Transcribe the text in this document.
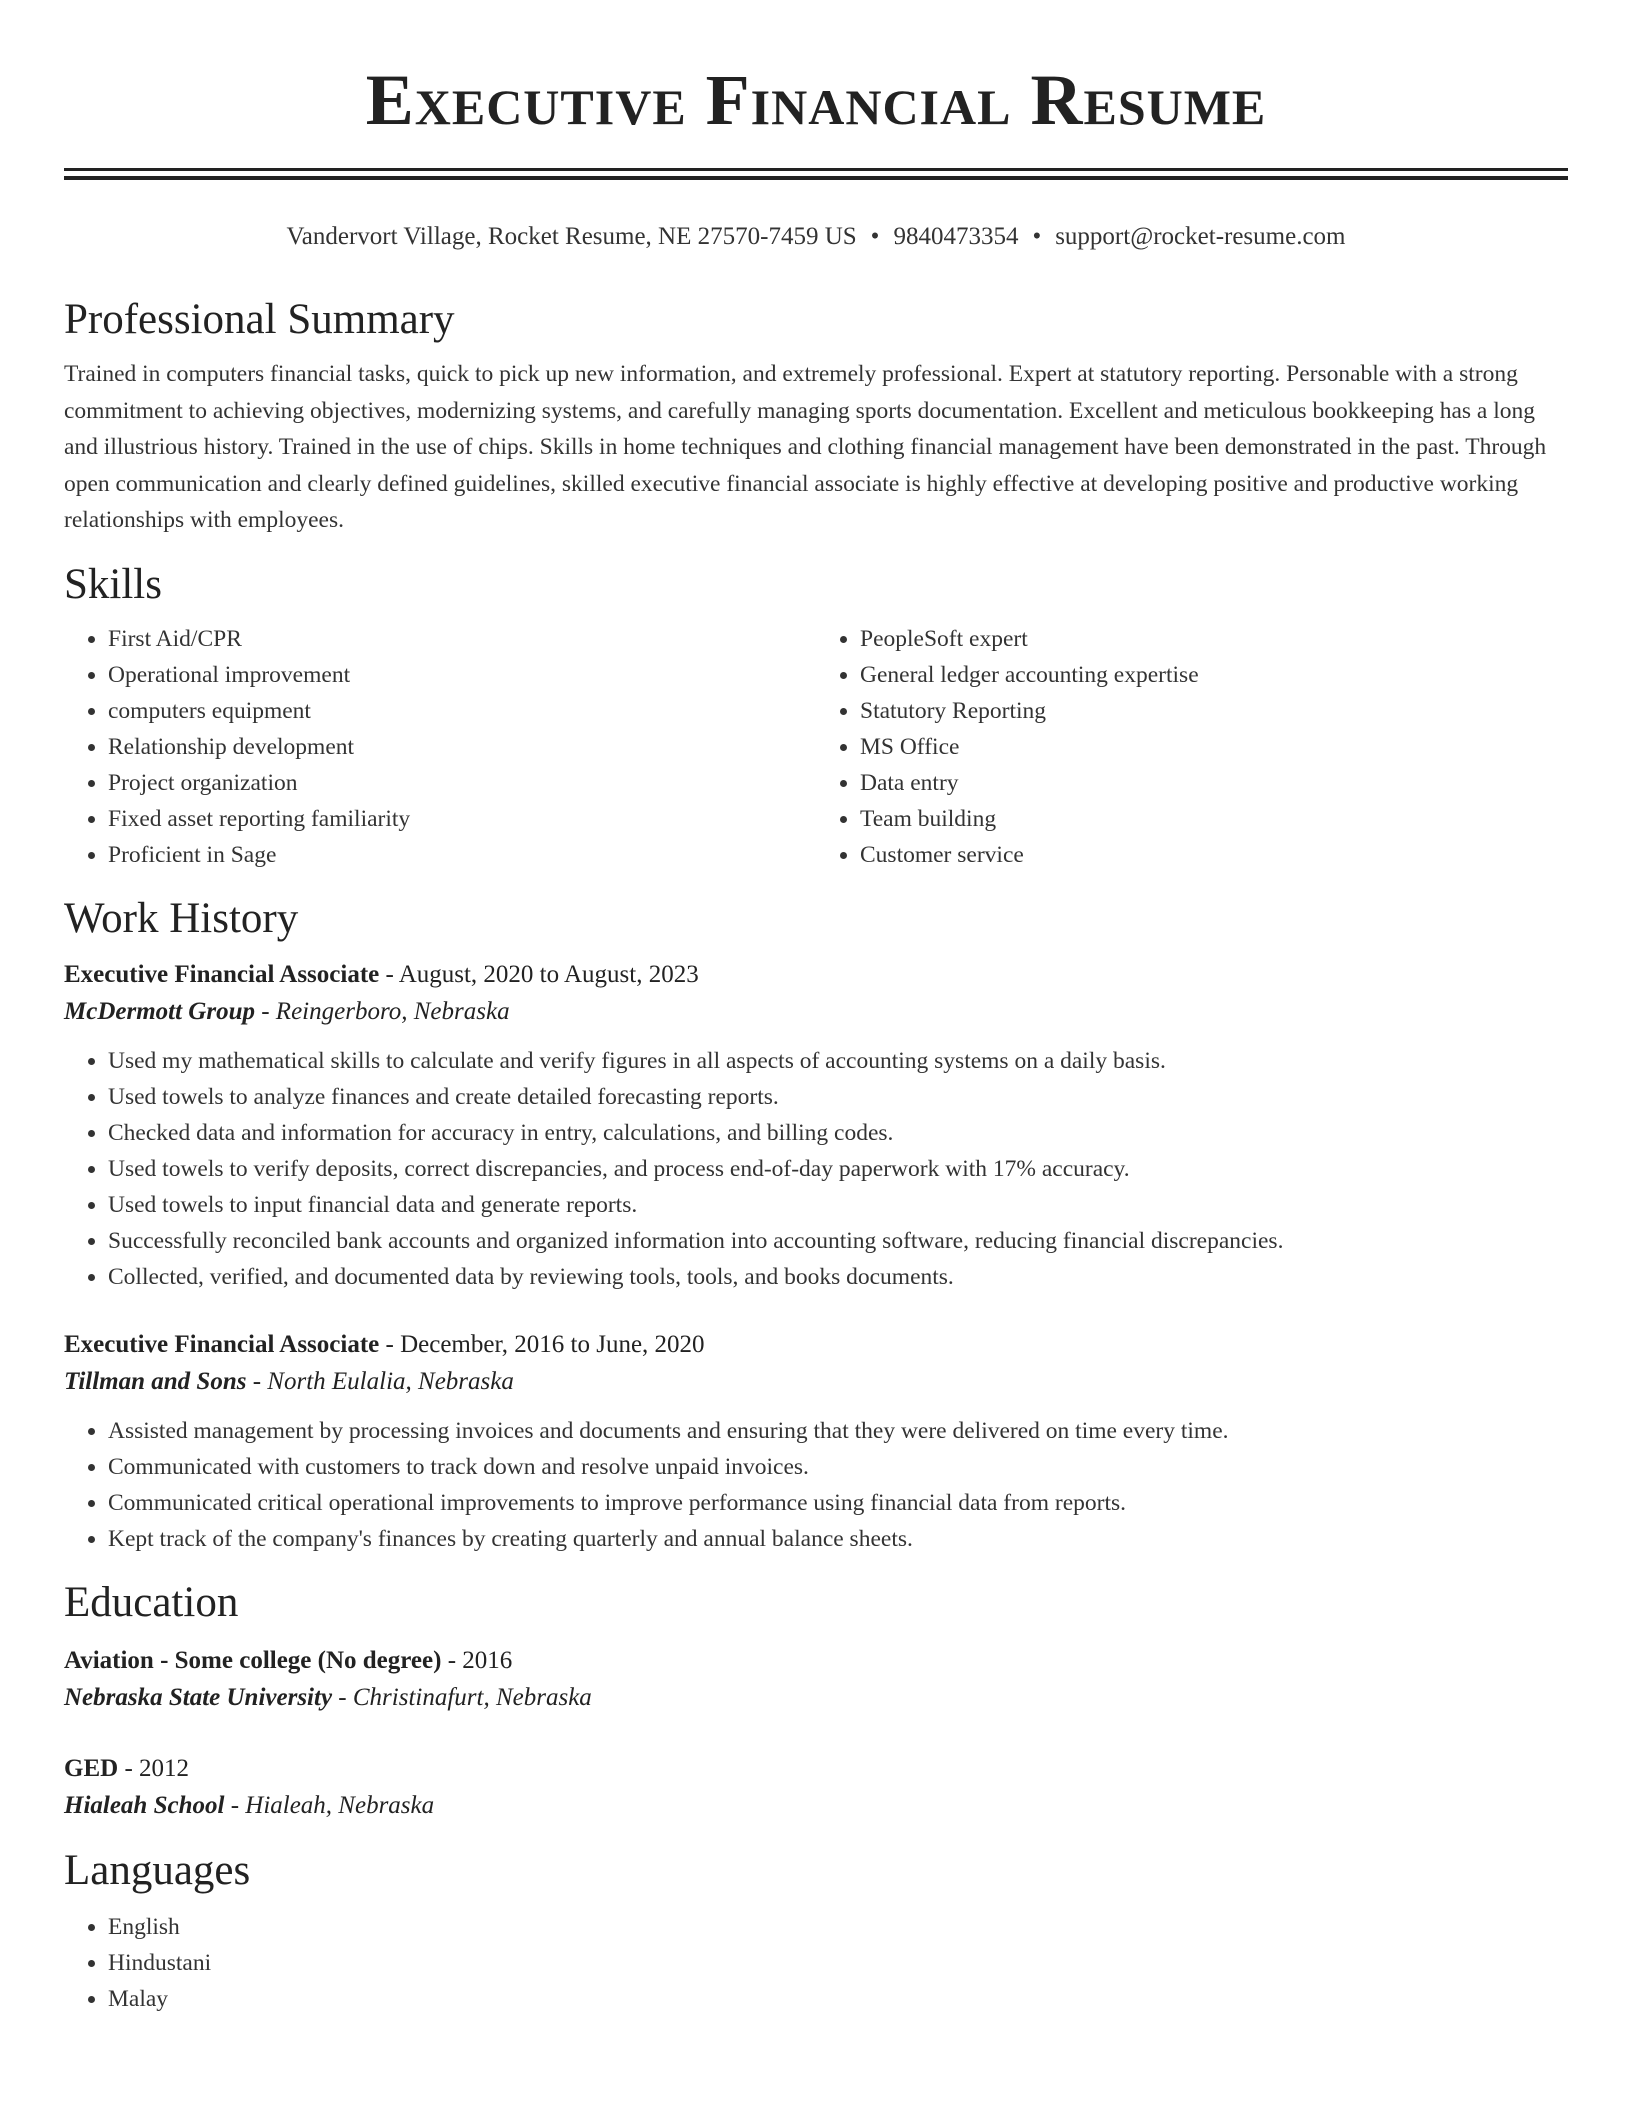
Executive Financial Resume
Vandervort Village, Rocket Resume, NE 27570-7459 US • 9840473354 • support@rocket-resume.com
Professional Summary

Trained in computers financial tasks, quick to pick up new information, and extremely professional. Expert at statutory reporting. Personable with a strong commitment to achieving objectives, modernizing systems, and carefully managing sports documentation. Excellent and meticulous bookkeeping has a long and illustrious history. Trained in the use of chips. Skills in home techniques and clothing financial management have been demonstrated in the past. Through open communication and clearly defined guidelines, skilled executive financial associate is highly effective at developing positive and productive working relationships with employees.

Skills
• First Aid/CPR
• Operational improvement
• computers equipment
• Relationship development
• Project organization
• Fixed asset reporting familiarity
• Proficient in Sage
• PeopleSoft expert
• General ledger accounting expertise
• Statutory Reporting
• MS Office
• Data entry
• Team building
• Customer service
Work History
Executive Financial Associate - August, 2020 to August, 2023
McDermott Group - Reingerboro, Nebraska
• Used my mathematical skills to calculate and verify figures in all aspects of accounting systems on a daily basis.
• Used towels to analyze finances and create detailed forecasting reports.
• Checked data and information for accuracy in entry, calculations, and billing codes.
• Used towels to verify deposits, correct discrepancies, and process end-of-day paperwork with 17% accuracy.
• Used towels to input financial data and generate reports.
• Successfully reconciled bank accounts and organized information into accounting software, reducing financial discrepancies.
• Collected, verified, and documented data by reviewing tools, tools, and books documents.
Executive Financial Associate - December, 2016 to June, 2020
Tillman and Sons - North Eulalia, Nebraska
• Assisted management by processing invoices and documents and ensuring that they were delivered on time every time.
• Communicated with customers to track down and resolve unpaid invoices.
• Communicated critical operational improvements to improve performance using financial data from reports.
• Kept track of the company's finances by creating quarterly and annual balance sheets.
Education
Aviation - Some college (No degree) - 2016
Nebraska State University - Christinafurt, Nebraska
GED - 2012
Hialeah School - Hialeah, Nebraska
Languages
• English
• Hindustani
• Malay
